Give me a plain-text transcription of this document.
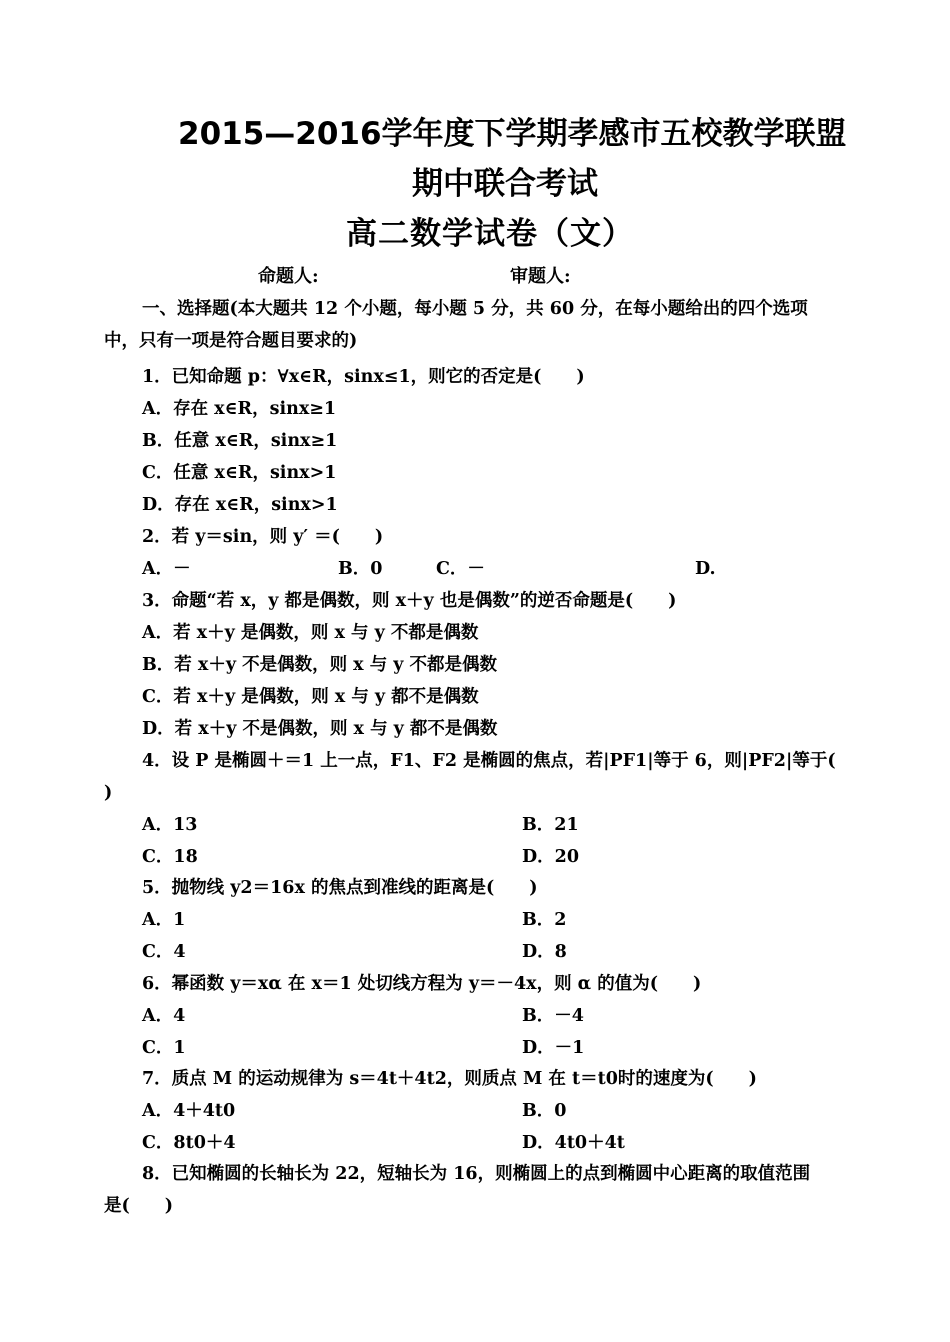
2015—2016学年度下学期孝感市五校教学联盟
期中联合考试
高二数学试卷（文）
命题人:	审题人:
一、选择题(本大题共 12 个小题，每小题 5 分，共 60 分，在每小题给出的四个选项
中，只有一项是符合题目要求的)
1．已知命题 p：∀x∈R，sinx≤1，则它的否定是(　　)
A．存在 x∈R，sinx≥1
B．任意 x∈R，sinx≥1
C．任意 x∈R，sinx>1
D．存在 x∈R，sinx>1
2．若 y＝sin，则 y′ ＝(　　)
A．－	B．0	C．－	D.
3．命题“若 x，y 都是偶数，则 x＋y 也是偶数”的逆否命题是(　　)
A．若 x＋y 是偶数，则 x 与 y 不都是偶数
B．若 x＋y 不是偶数，则 x 与 y 不都是偶数
C．若 x＋y 是偶数，则 x 与 y 都不是偶数
D．若 x＋y 不是偶数，则 x 与 y 都不是偶数
4．设 P 是椭圆＋＝1 上一点，F1、F2 是椭圆的焦点，若|PF1|等于 6，则|PF2|等于(
)
A．13	B．21
C．18	D．20
5．抛物线 y2＝16x 的焦点到准线的距离是(　　)
A．1	B．2
C．4	D．8
6．幂函数 y＝xα 在 x＝1 处切线方程为 y＝－4x，则 α 的值为(　　)
A．4	B．－4
C．1	D．－1
7．质点 M 的运动规律为 s＝4t＋4t2，则质点 M 在 t＝t0时的速度为(　　)
A．4＋4t0	B．0
C．8t0＋4	D．4t0＋4t
8．已知椭圆的长轴长为 22，短轴长为 16，则椭圆上的点到椭圆中心距离的取值范围
是(　　)
